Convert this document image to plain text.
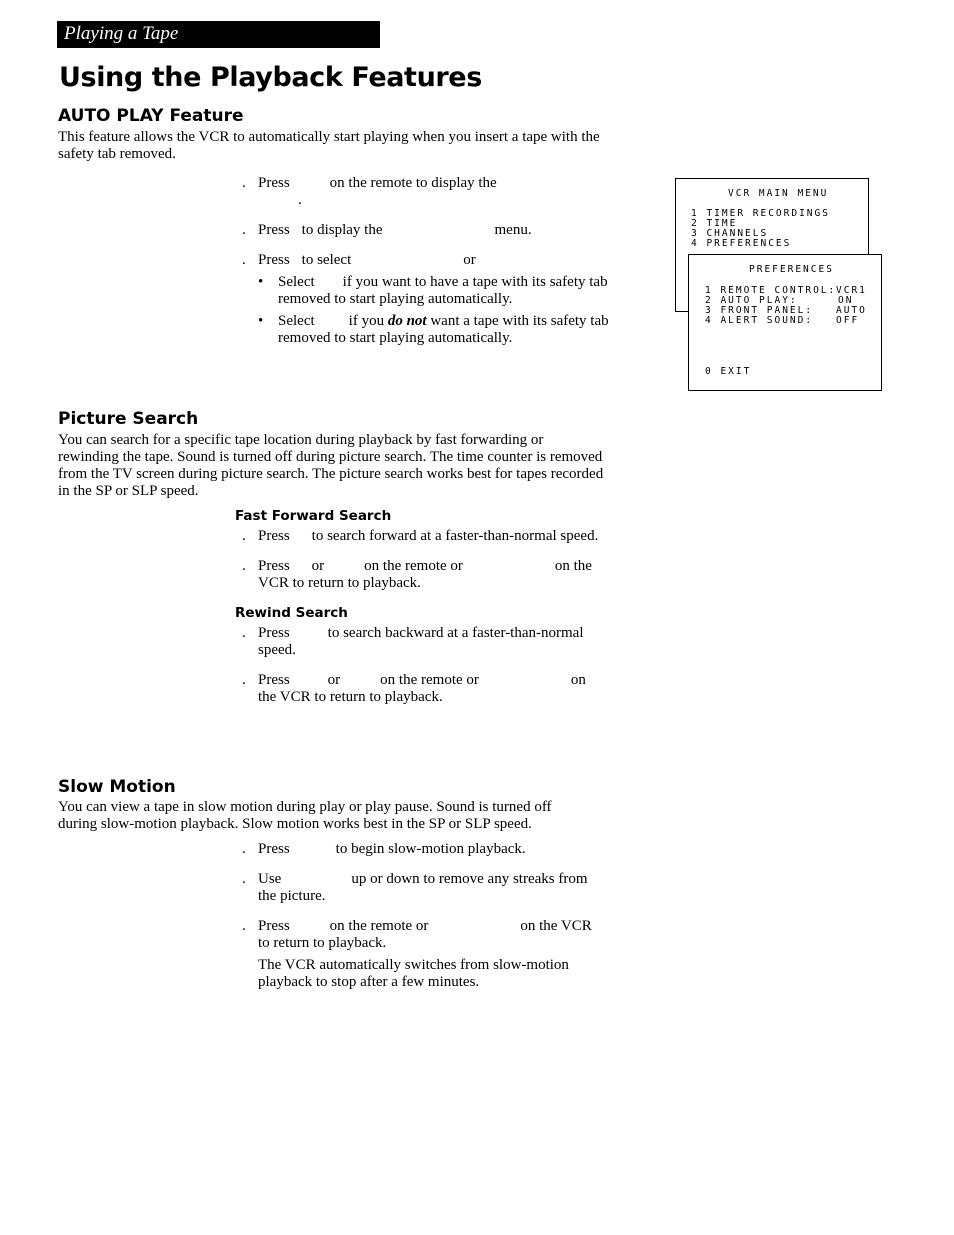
Playing a Tape
Using the Playback Features
AUTO PLAY Feature

This feature allows the VCR to automatically start playing when you insert a tape with the safety tab removed.

. Press	on the remote to display the
.
. Press to display the	menu.
. Press to select	or
• Select if you want to have a tape with its safety tab removed to start playing automatically.
• Select if you do not want a tape with its safety tab removed to start playing automatically.

VCR MAIN MENU

1 TIMER RECORDINGS

2 TIME

3 CHANNELS

4 PREFERENCES

PREFERENCES

1 REMOTE CONTROL:

VCR1

2 AUTO PLAY:

	ON

3 FRONT PANEL:

AUTO

4 ALERT SOUND:

OFF

0 EXIT

Picture Search

You can search for a specific tape location during playback by fast forwarding or rewinding the tape. Sound is turned off during picture search. The time counter is removed from the TV screen during picture search. The picture search works best for tapes recorded in the SP or SLP speed.

Fast Forward Search
. Press to search forward at a faster-than-normal speed.
. Press or	on the remote or	on the
VCR to return to playback.
Rewind Search
. Press	to search backward at a faster-than-normal
speed.
. Press	or	on the remote or	on
the VCR to return to playback.
Slow Motion

You can view a tape in slow motion during play or play pause. Sound is turned off during slow-motion playback. Slow motion works best in the SP or SLP speed.

. Press	to begin slow-motion playback.
. Use	up or down to remove any streaks from
the picture.
. Press	on the remote or	on the VCR
to return to playback.

The VCR automatically switches from slow-motion playback to stop after a few minutes.
